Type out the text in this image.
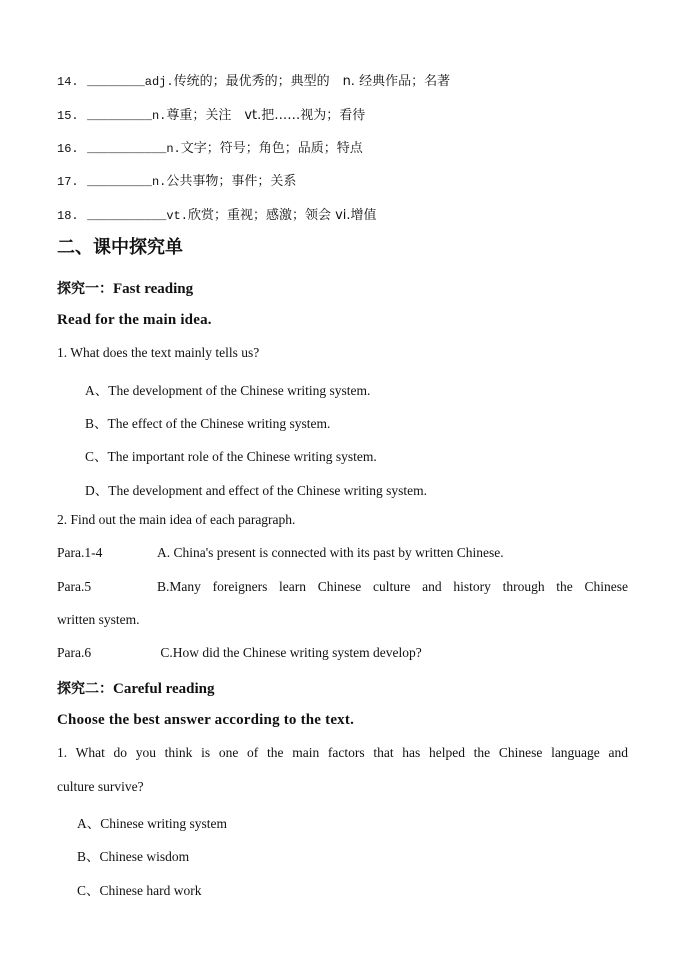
14. ________adj.传统的；最优秀的；典型的　n. 经典作品；名著
15. _________n.尊重；关注　vt.把……视为；看待
16. ___________n.文字；符号；角色；品质；特点
17. _________n.公共事物；事件；关系
18. ___________vt.欣赏；重视；感激；领会 vi.增值
二、课中探究单
探究一：Fast reading
Read for the main idea.
1. What does the text mainly tells us?
A、The development of the Chinese writing system.
B、The effect of the Chinese writing system.
C、The important role of the Chinese writing system.
D、The development and effect of the Chinese writing system.
2. Find out the main idea of each paragraph.
Para.1-4	A. China's present is connected with its past by written Chinese.
Para.5	B.Many foreigners learn Chinese culture and history through the Chinese
written system.
Para.6	C.How did the Chinese writing system develop?
探究二：Careful reading
Choose the best answer according to the text.
1. What do you think is one of the main factors that has helped the Chinese language and
culture survive?
A、Chinese writing system
B、Chinese wisdom
C、Chinese hard work
